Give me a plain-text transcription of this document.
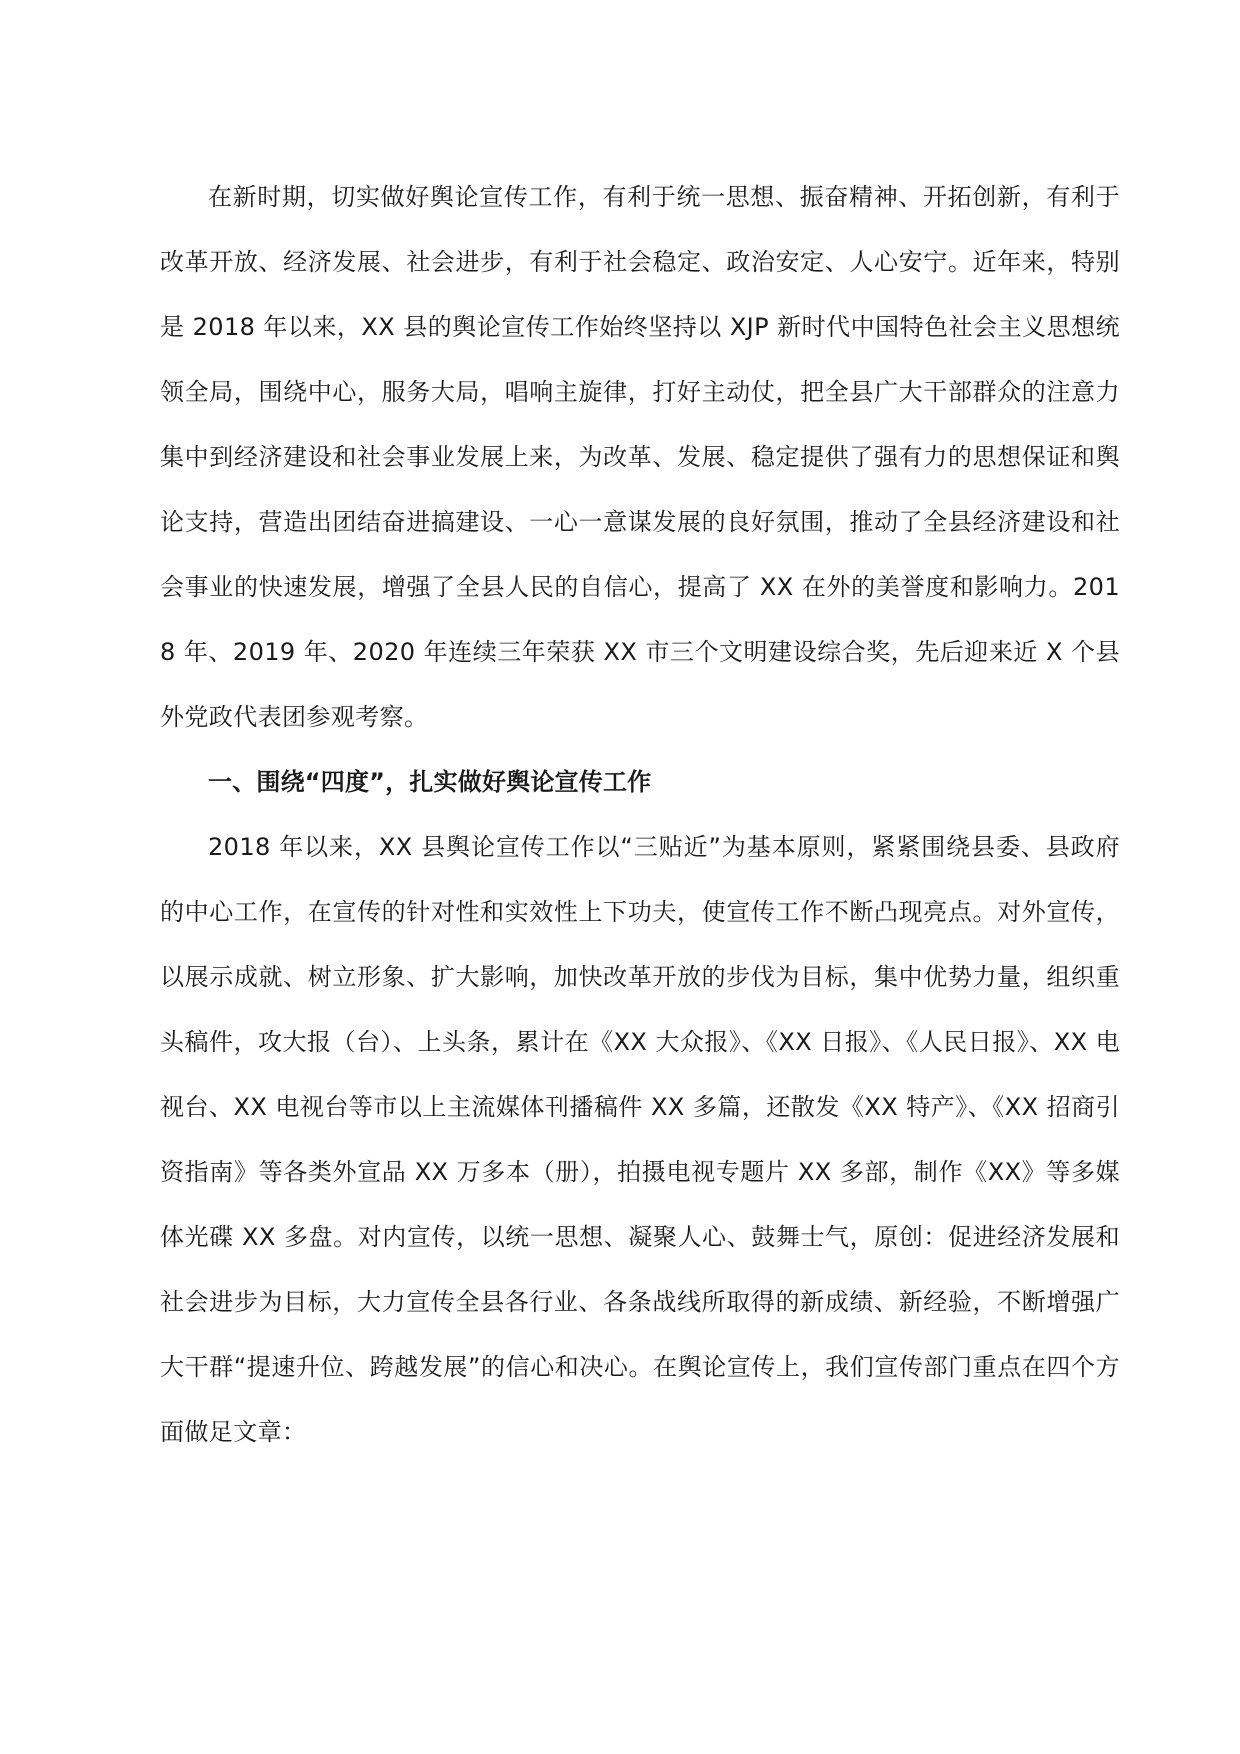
在新时期，切实做好舆论宣传工作，有利于统一思想、振奋精神、开拓创新，有利于改革开放、经济发展、社会进步，有利于社会稳定、政治安定、人心安宁。近年来，特别是 2018 年以来，XX 县的舆论宣传工作始终坚持以 XJP 新时代中国特色社会主义思想统领全局，围绕中心，服务大局，唱响主旋律，打好主动仗，把全县广大干部群众的注意力集中到经济建设和社会事业发展上来，为改革、发展、稳定提供了强有力的思想保证和舆论支持，营造出团结奋进搞建设、一心一意谋发展的良好氛围，推动了全县经济建设和社会事业的快速发展，增强了全县人民的自信心，提高了 XX 在外的美誉度和影响力。2018 年、2019 年、2020 年连续三年荣获 XX 市三个文明建设综合奖，先后迎来近 X 个县外党政代表团参观考察。

一、围绕“四度”，扎实做好舆论宣传工作

2018 年以来，XX 县舆论宣传工作以“三贴近”为基本原则，紧紧围绕县委、县政府的中心工作，在宣传的针对性和实效性上下功夫，使宣传工作不断凸现亮点。对外宣传，以展示成就、树立形象、扩大影响，加快改革开放的步伐为目标，集中优势力量，组织重头稿件，攻大报（台）、上头条，累计在《XX 大众报》、《XX 日报》、《人民日报》、XX 电视台、XX 电视台等市以上主流媒体刊播稿件 XX 多篇，还散发《XX 特产》、《XX 招商引资指南》等各类外宣品 XX 万多本（册），拍摄电视专题片 XX 多部，制作《XX》等多媒体光碟 XX 多盘。对内宣传，以统一思想、凝聚人心、鼓舞士气，原创：促进经济发展和社会进步为目标，大力宣传全县各行业、各条战线所取得的新成绩、新经验，不断增强广大干群“提速升位、跨越发展”的信心和决心。在舆论宣传上，我们宣传部门重点在四个方面做足文章：
